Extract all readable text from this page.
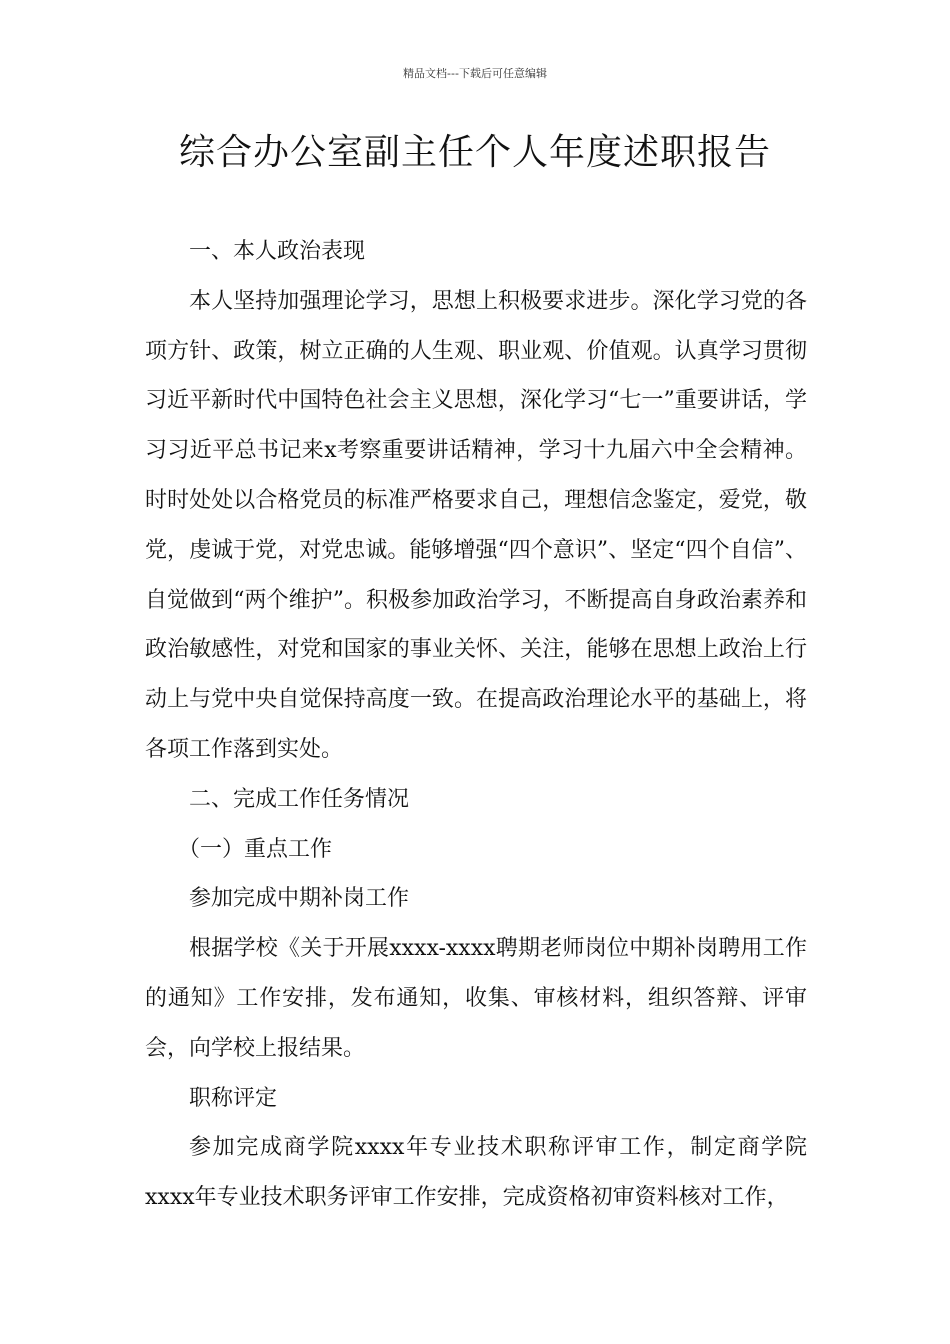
精品文档---下载后可任意编辑
综合办公室副主任个人年度述职报告

一、本人政治表现

本人坚持加强理论学习，思想上积极要求进步。深化学习党的各项方针、政策，树立正确的人生观、职业观、价值观。认真学习贯彻习近平新时代中国特色社会主义思想，深化学习“七一”重要讲话，学习习近平总书记来x考察重要讲话精神，学习十九届六中全会精神。时时处处以合格党员的标准严格要求自己，理想信念鉴定，爱党，敬党，虔诚于党，对党忠诚。能够增强“四个意识”、坚定“四个自信”、自觉做到“两个维护”。积极参加政治学习，不断提高自身政治素养和政治敏感性，对党和国家的事业关怀、关注，能够在思想上政治上行动上与党中央自觉保持高度一致。在提高政治理论水平的基础上，将各项工作落到实处。

二、完成工作任务情况

（一）重点工作

参加完成中期补岗工作

根据学校《关于开展xxxx-xxxx聘期老师岗位中期补岗聘用工作的通知》工作安排，发布通知，收集、审核材料，组织答辩、评审会，向学校上报结果。

职称评定

参加完成商学院xxxx年专业技术职称评审工作，制定商学院xxxx年专业技术职务评审工作安排，完成资格初审资料核对工作，
